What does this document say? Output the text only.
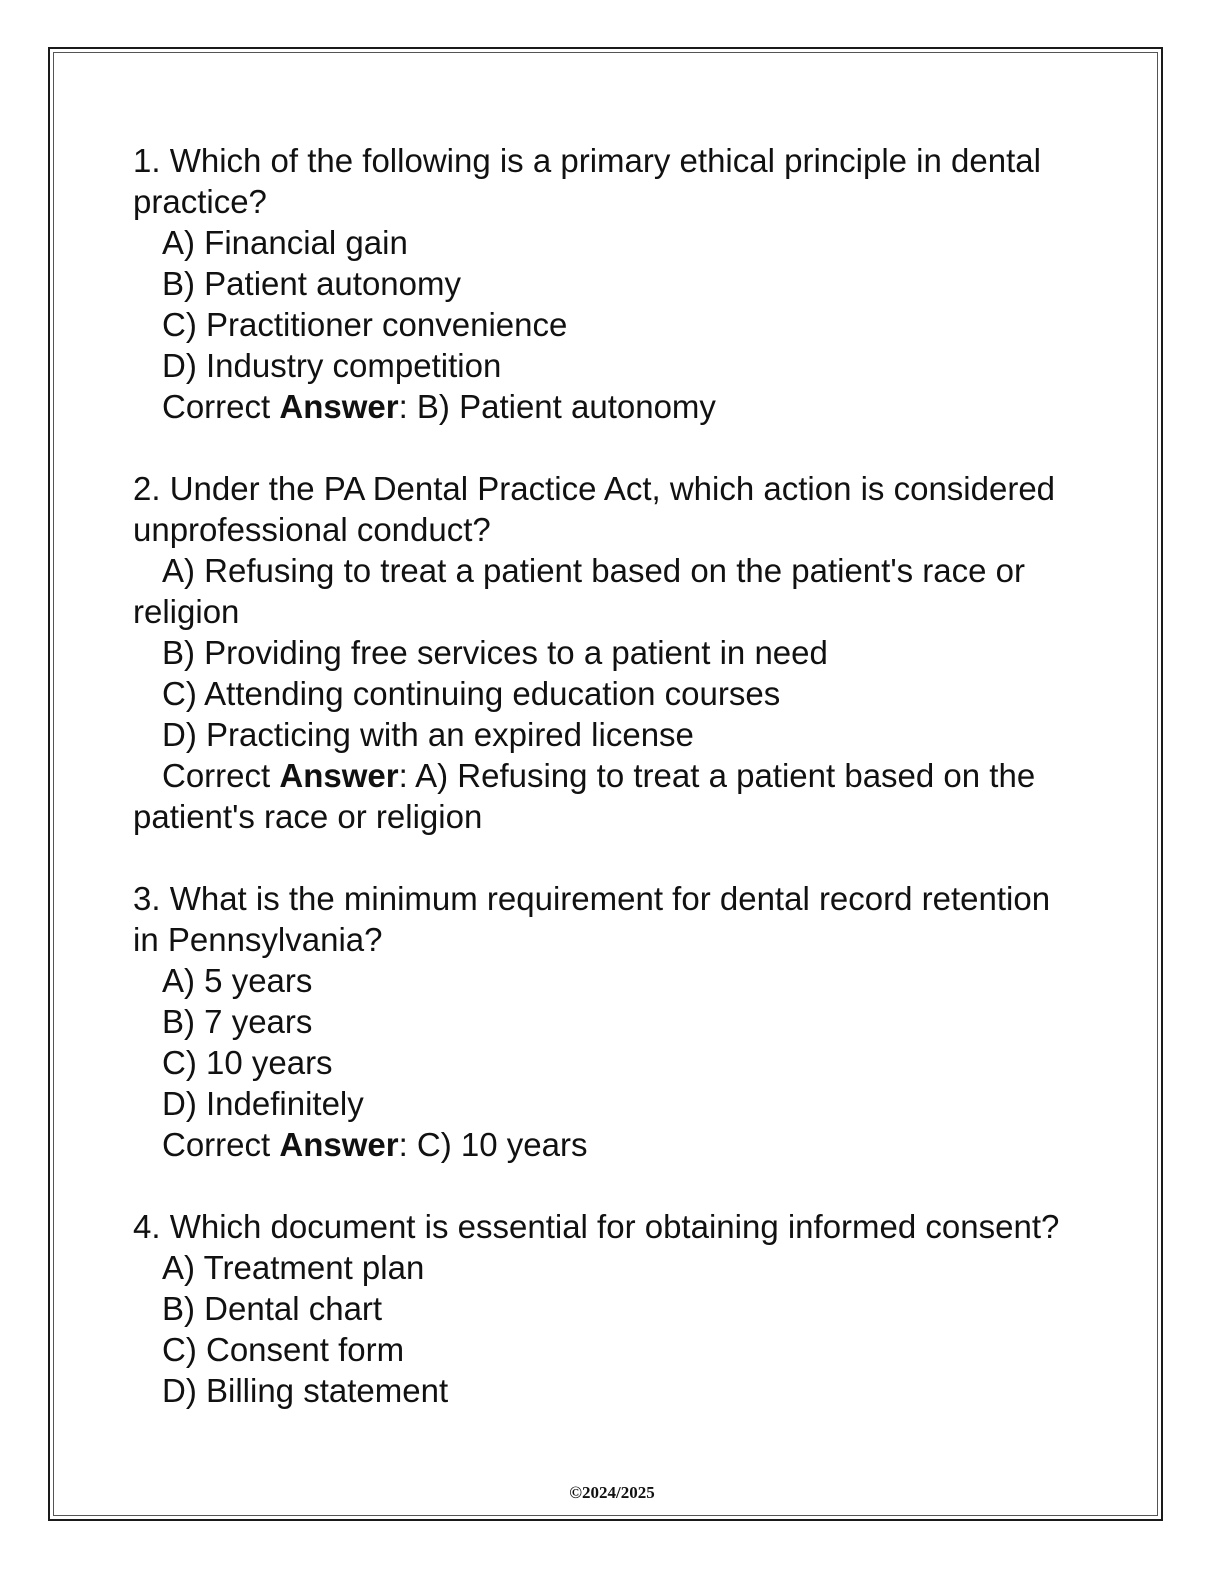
1. Which of the following is a primary ethical principle in dental practice?
A) Financial gain
B) Patient autonomy
C) Practitioner convenience
D) Industry competition
Correct Answer: B) Patient autonomy
2. Under the PA Dental Practice Act, which action is considered unprofessional conduct?
A) Refusing to treat a patient based on the patient's race or religion
B) Providing free services to a patient in need
C) Attending continuing education courses
D) Practicing with an expired license
Correct Answer: A) Refusing to treat a patient based on the patient's race or religion
3. What is the minimum requirement for dental record retention in Pennsylvania?
A) 5 years
B) 7 years
C) 10 years
D) Indefinitely
Correct Answer: C) 10 years
4. Which document is essential for obtaining informed consent?
A) Treatment plan
B) Dental chart
C) Consent form
D) Billing statement
©2024/2025
